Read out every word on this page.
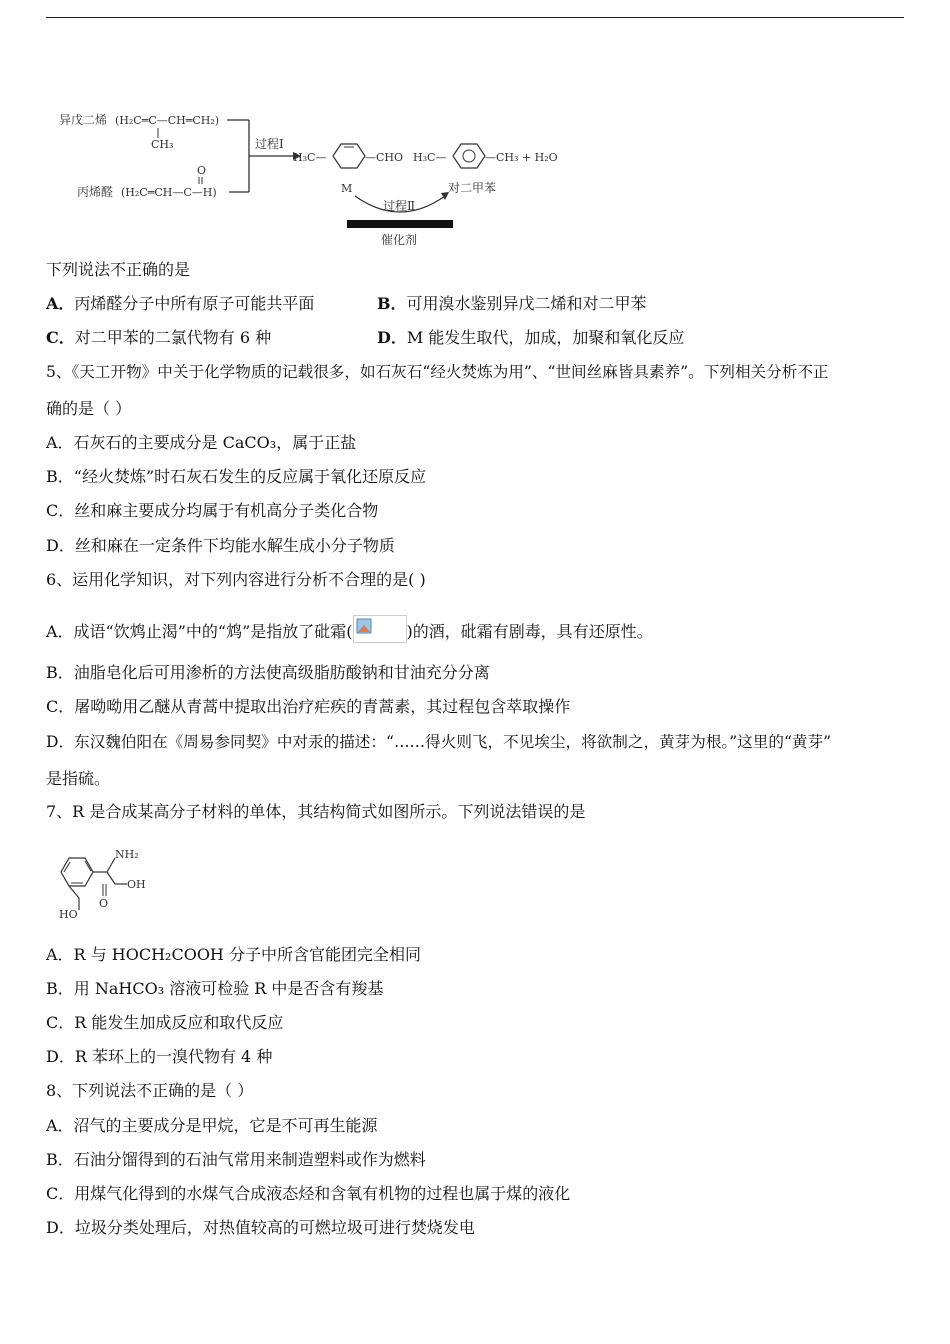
异戊二烯 (H₂C═C—CH═CH₂)
CH₃
O
丙烯醛 (H₂C═CH—C—H)
过程Ⅰ
H₃C—	—CHO H₃C—	—CH₃ + H₂O
M	对二甲苯
过程Ⅱ
催化剂
下列说法不正确的是
A．丙烯醛分子中所有原子可能共平面	B．可用溴水鉴别异戊二烯和对二甲苯
C．对二甲苯的二氯代物有 6 种	D．M 能发生取代，加成，加聚和氧化反应
5、《天工开物》中关于化学物质的记载很多，如石灰石“经火焚炼为用”、“世间丝麻皆具素养”。下列相关分析不正
确的是（ ）
A．石灰石的主要成分是 CaCO₃，属于正盐
B．“经火焚炼”时石灰石发生的反应属于氧化还原反应
C．丝和麻主要成分均属于有机高分子类化合物
D．丝和麻在一定条件下均能水解生成小分子物质
6、运用化学知识，对下列内容进行分析不合理的是( )
A．成语“饮鸩止渴”中的“鸩”是指放了砒霜(	)的酒，砒霜有剧毒，具有还原性。
B．油脂皂化后可用渗析的方法使高级脂肪酸钠和甘油充分分离
C．屠呦呦用乙醚从青蒿中提取出治疗疟疾的青蒿素，其过程包含萃取操作
D．东汉魏伯阳在《周易参同契》中对汞的描述：“……得火则飞，不见埃尘，将欲制之，黄芽为根。”这里的“黄芽”
是指硫。
7、R 是合成某高分子材料的单体，其结构简式如图所示。下列说法错误的是
NH₂
OH
O
HO
A．R 与 HOCH₂COOH 分子中所含官能团完全相同
B．用 NaHCO₃ 溶液可检验 R 中是否含有羧基
C．R 能发生加成反应和取代反应
D．R 苯环上的一溴代物有 4 种
8、下列说法不正确的是（ ）
A．沼气的主要成分是甲烷，它是不可再生能源
B．石油分馏得到的石油气常用来制造塑料或作为燃料
C．用煤气化得到的水煤气合成液态烃和含氧有机物的过程也属于煤的液化
D．垃圾分类处理后，对热值较高的可燃垃圾可进行焚烧发电
